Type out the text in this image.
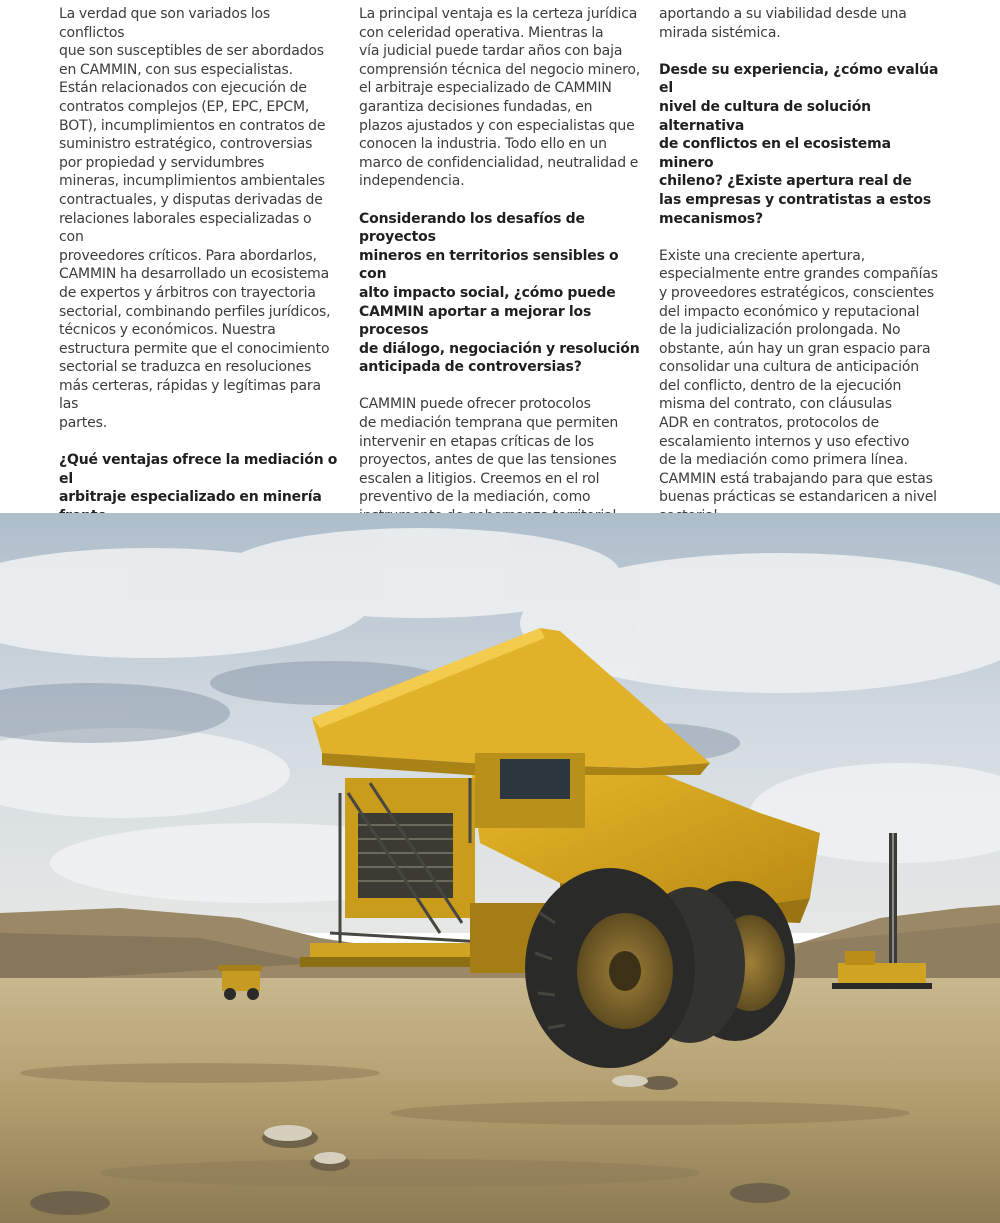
La verdad que son variados los conflictos
que son susceptibles de ser abordados
en CAMMIN, con sus especialistas.
Están relacionados con ejecución de
contratos complejos (EP, EPC, EPCM,
BOT), incumplimientos en contratos de
suministro estratégico, controversias
por propiedad y servidumbres
mineras, incumplimientos ambientales
contractuales, y disputas derivadas de
relaciones laborales especializadas o con
proveedores críticos. Para abordarlos,
CAMMIN ha desarrollado un ecosistema
de expertos y árbitros con trayectoria
sectorial, combinando perfiles jurídicos,
técnicos y económicos. Nuestra
estructura permite que el conocimiento
sectorial se traduzca en resoluciones
más certeras, rápidas y legítimas para las
partes.

¿Qué ventajas ofrece la mediación o el
arbitraje especializado en minería

La principal ventaja es la certeza jurídica
con celeridad operativa. Mientras la
vía judicial puede tardar años con baja
comprensión técnica del negocio minero,
el arbitraje especializado de CAMMIN
garantiza decisiones fundadas, en
plazos ajustados y con especialistas que
conocen la industria. Todo ello en un
marco de confidencialidad, neutralidad e
independencia.

Considerando los desafíos de proyectos
mineros en territorios sensibles o con
alto impacto social, ¿cómo puede
CAMMIN aportar a mejorar los procesos
de diálogo, negociación y resolución
anticipada de controversias?

CAMMIN puede ofrecer protocolos
de mediación temprana que permiten
intervenir en etapas críticas de los
proyectos, antes de que las tensiones
escalen a litigios. Creemos en el rol
preventivo de la mediación, como

aportando a su viabilidad desde una
mirada sistémica.

Desde su experiencia, ¿cómo evalúa el
nivel de cultura de solución alternativa
de conflictos en el ecosistema minero
chileno? ¿Existe apertura real de
las empresas y contratistas a estos
mecanismos?

Existe una creciente apertura,
especialmente entre grandes compañías
y proveedores estratégicos, conscientes
del impacto económico y reputacional
de la judicialización prolongada. No
obstante, aún hay un gran espacio para
consolidar una cultura de anticipación
del conflicto, dentro de la ejecución
misma del contrato, con cláusulas
ADR en contratos, protocolos de
escalamiento internos y uso efectivo
de la mediación como primera línea.
CAMMIN está trabajando para que estas
buenas prácticas se estandaricen a nivel
